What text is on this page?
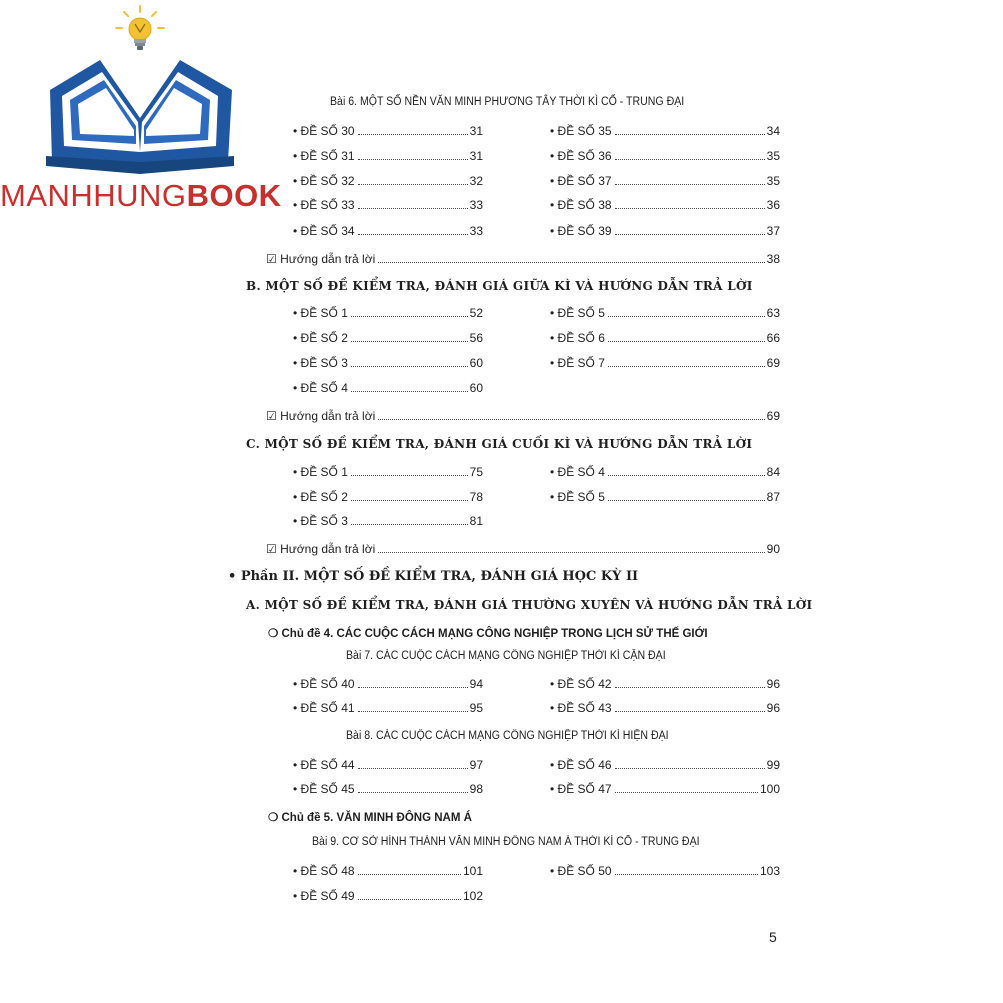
MANHHUNGBOOK
Bài 6. MỘT SỐ NỀN VĂN MINH PHƯƠNG TÂY THỜI KÌ CỔ - TRUNG ĐẠI
• ĐỀ SỐ 30	31
• ĐỀ SỐ 31	31
• ĐỀ SỐ 32	32
• ĐỀ SỐ 33	33
• ĐỀ SỐ 34	33
• ĐỀ SỐ 35	34
• ĐỀ SỐ 36	35
• ĐỀ SỐ 37	35
• ĐỀ SỐ 38	36
• ĐỀ SỐ 39	37
☑ Hướng dẫn trả lời	38
B. MỘT SỐ ĐỀ KIỂM TRA, ĐÁNH GIÁ GIỮA KÌ VÀ HƯỚNG DẪN TRẢ LỜI
• ĐỀ SỐ 1	52
• ĐỀ SỐ 2	56
• ĐỀ SỐ 3	60
• ĐỀ SỐ 4	60
• ĐỀ SỐ 5	63
• ĐỀ SỐ 6	66
• ĐỀ SỐ 7	69
☑ Hướng dẫn trả lời	69
C. MỘT SỐ ĐỀ KIỂM TRA, ĐÁNH GIÁ CUỐI KÌ VÀ HƯỚNG DẪN TRẢ LỜI
• ĐỀ SỐ 1	75
• ĐỀ SỐ 2	78
• ĐỀ SỐ 3	81
• ĐỀ SỐ 4	84
• ĐỀ SỐ 5	87
☑ Hướng dẫn trả lời	90
• Phần II. MỘT SỐ ĐỀ KIỂM TRA, ĐÁNH GIÁ HỌC KỲ II
A. MỘT SỐ ĐỀ KIỂM TRA, ĐÁNH GIÁ THƯỜNG XUYÊN VÀ HƯỚNG DẪN TRẢ LỜI
❍ Chủ đề 4. CÁC CUỘC CÁCH MẠNG CÔNG NGHIỆP TRONG LỊCH SỬ THẾ GIỚI
Bài 7. CÁC CUỘC CÁCH MẠNG CÔNG NGHIỆP THỜI KÌ CẬN ĐẠI
• ĐỀ SỐ 40	94
• ĐỀ SỐ 41	95
• ĐỀ SỐ 42	96
• ĐỀ SỐ 43	96
Bài 8. CÁC CUỘC CÁCH MẠNG CÔNG NGHIỆP THỜI KÌ HIỆN ĐẠI
• ĐỀ SỐ 44	97
• ĐỀ SỐ 45	98
• ĐỀ SỐ 46	99
• ĐỀ SỐ 47	100
❍ Chủ đề 5. VĂN MINH ĐÔNG NAM Á
Bài 9. CƠ SỞ HÌNH THÀNH VĂN MINH ĐÔNG NAM Á THỜI KÌ CỔ - TRUNG ĐẠI
• ĐỀ SỐ 48	101
• ĐỀ SỐ 49	102
• ĐỀ SỐ 50	103
5
